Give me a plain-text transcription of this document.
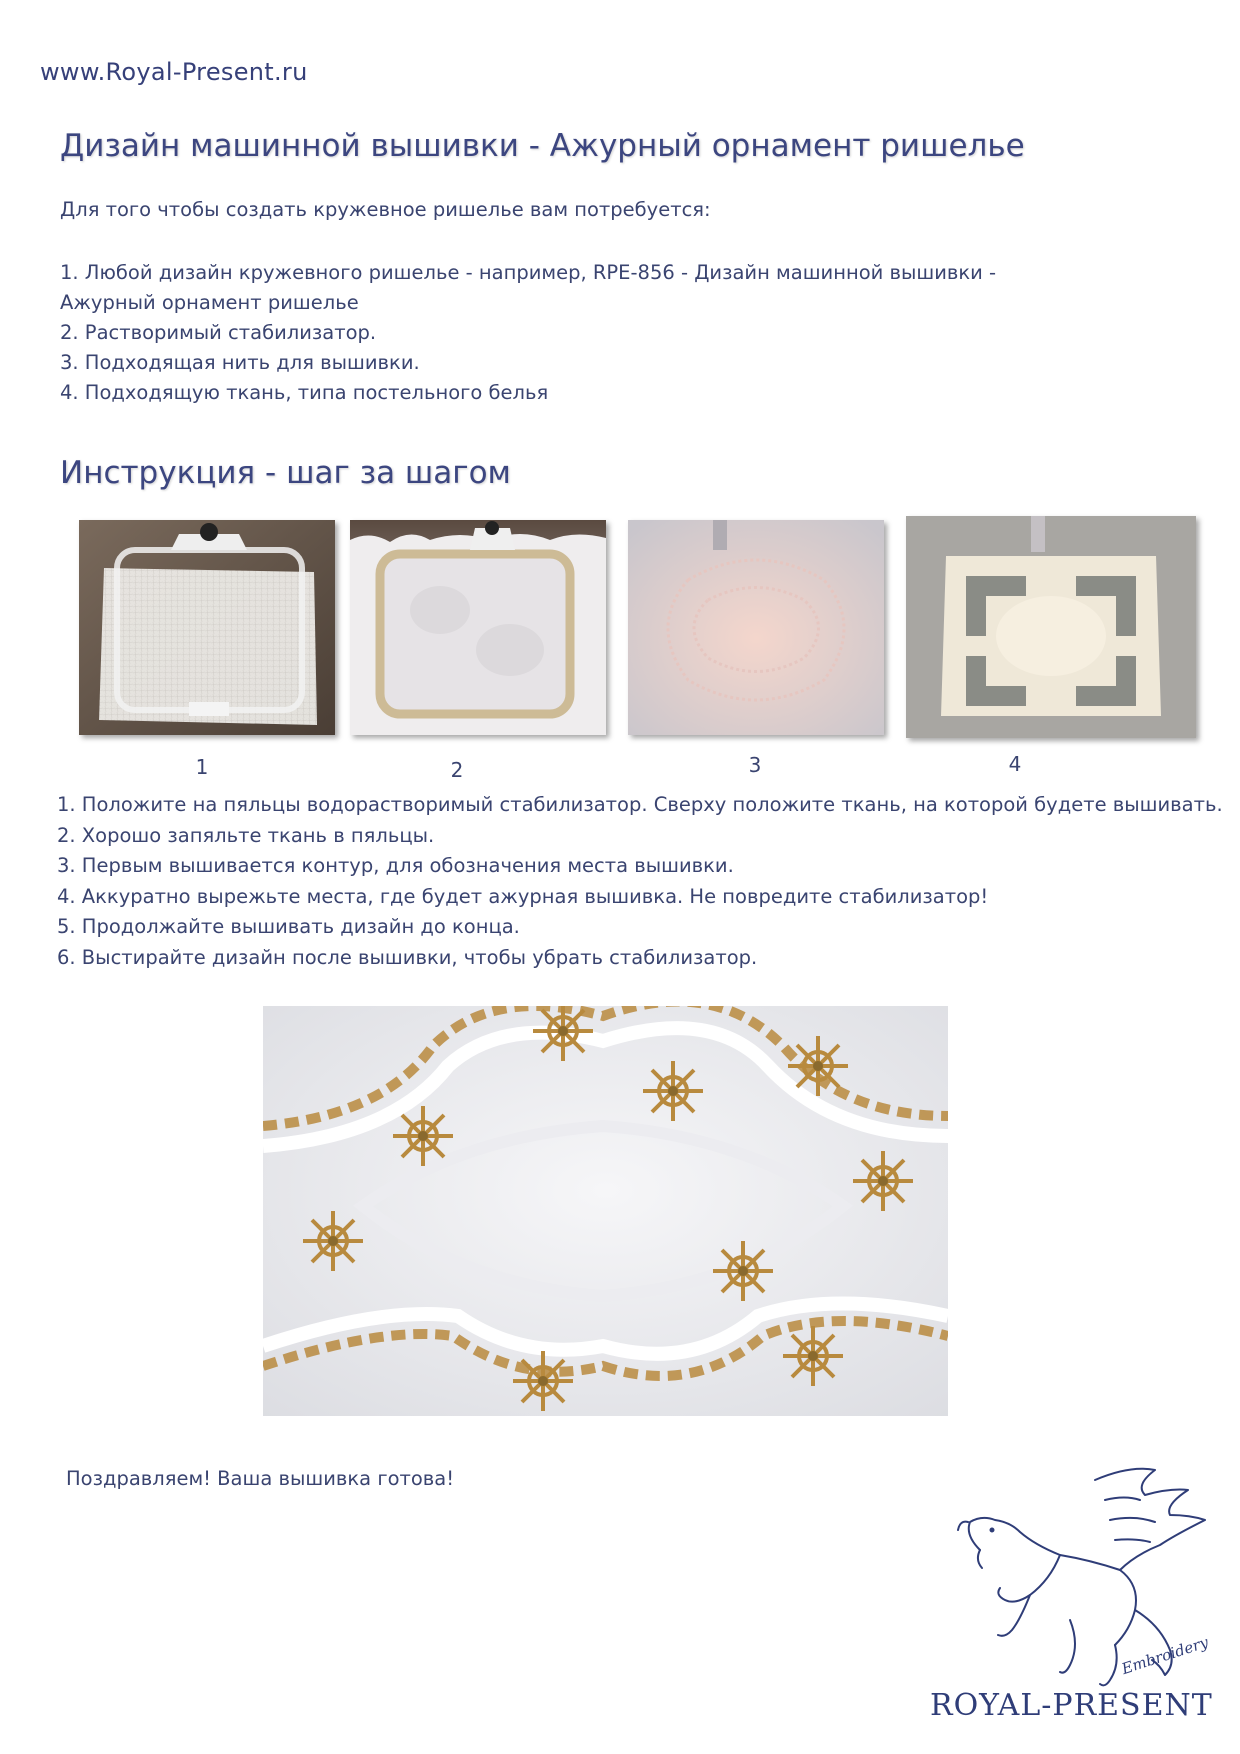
www.Royal-Present.ru
Дизайн машинной вышивки - Ажурный орнамент ришелье
Для того чтобы создать кружевное ришелье вам потребуется:
1. Любой дизайн кружевного ришелье - например, RPE-856 - Дизайн машинной вышивки -
Ажурный орнамент ришелье
2. Растворимый стабилизатор.
3. Подходящая нить для вышивки.
4. Подходящую ткань, типа постельного белья
Инструкция - шаг за шагом
1	2	3	4
1. Положите на пяльцы водорастворимый стабилизатор. Сверху положите ткань, на которой будете вышивать.
2. Хорошо запяльте ткань в пяльцы.
3. Первым вышивается контур, для обозначения места вышивки.
4. Аккуратно вырежьте места, где будет ажурная вышивка. Не повредите стабилизатор!
5. Продолжайте вышивать дизайн до конца.
6. Выстирайте дизайн после вышивки, чтобы убрать стабилизатор.
Поздравляем! Ваша вышивка готова!
ROYAL-PRESENT
Embroidery
